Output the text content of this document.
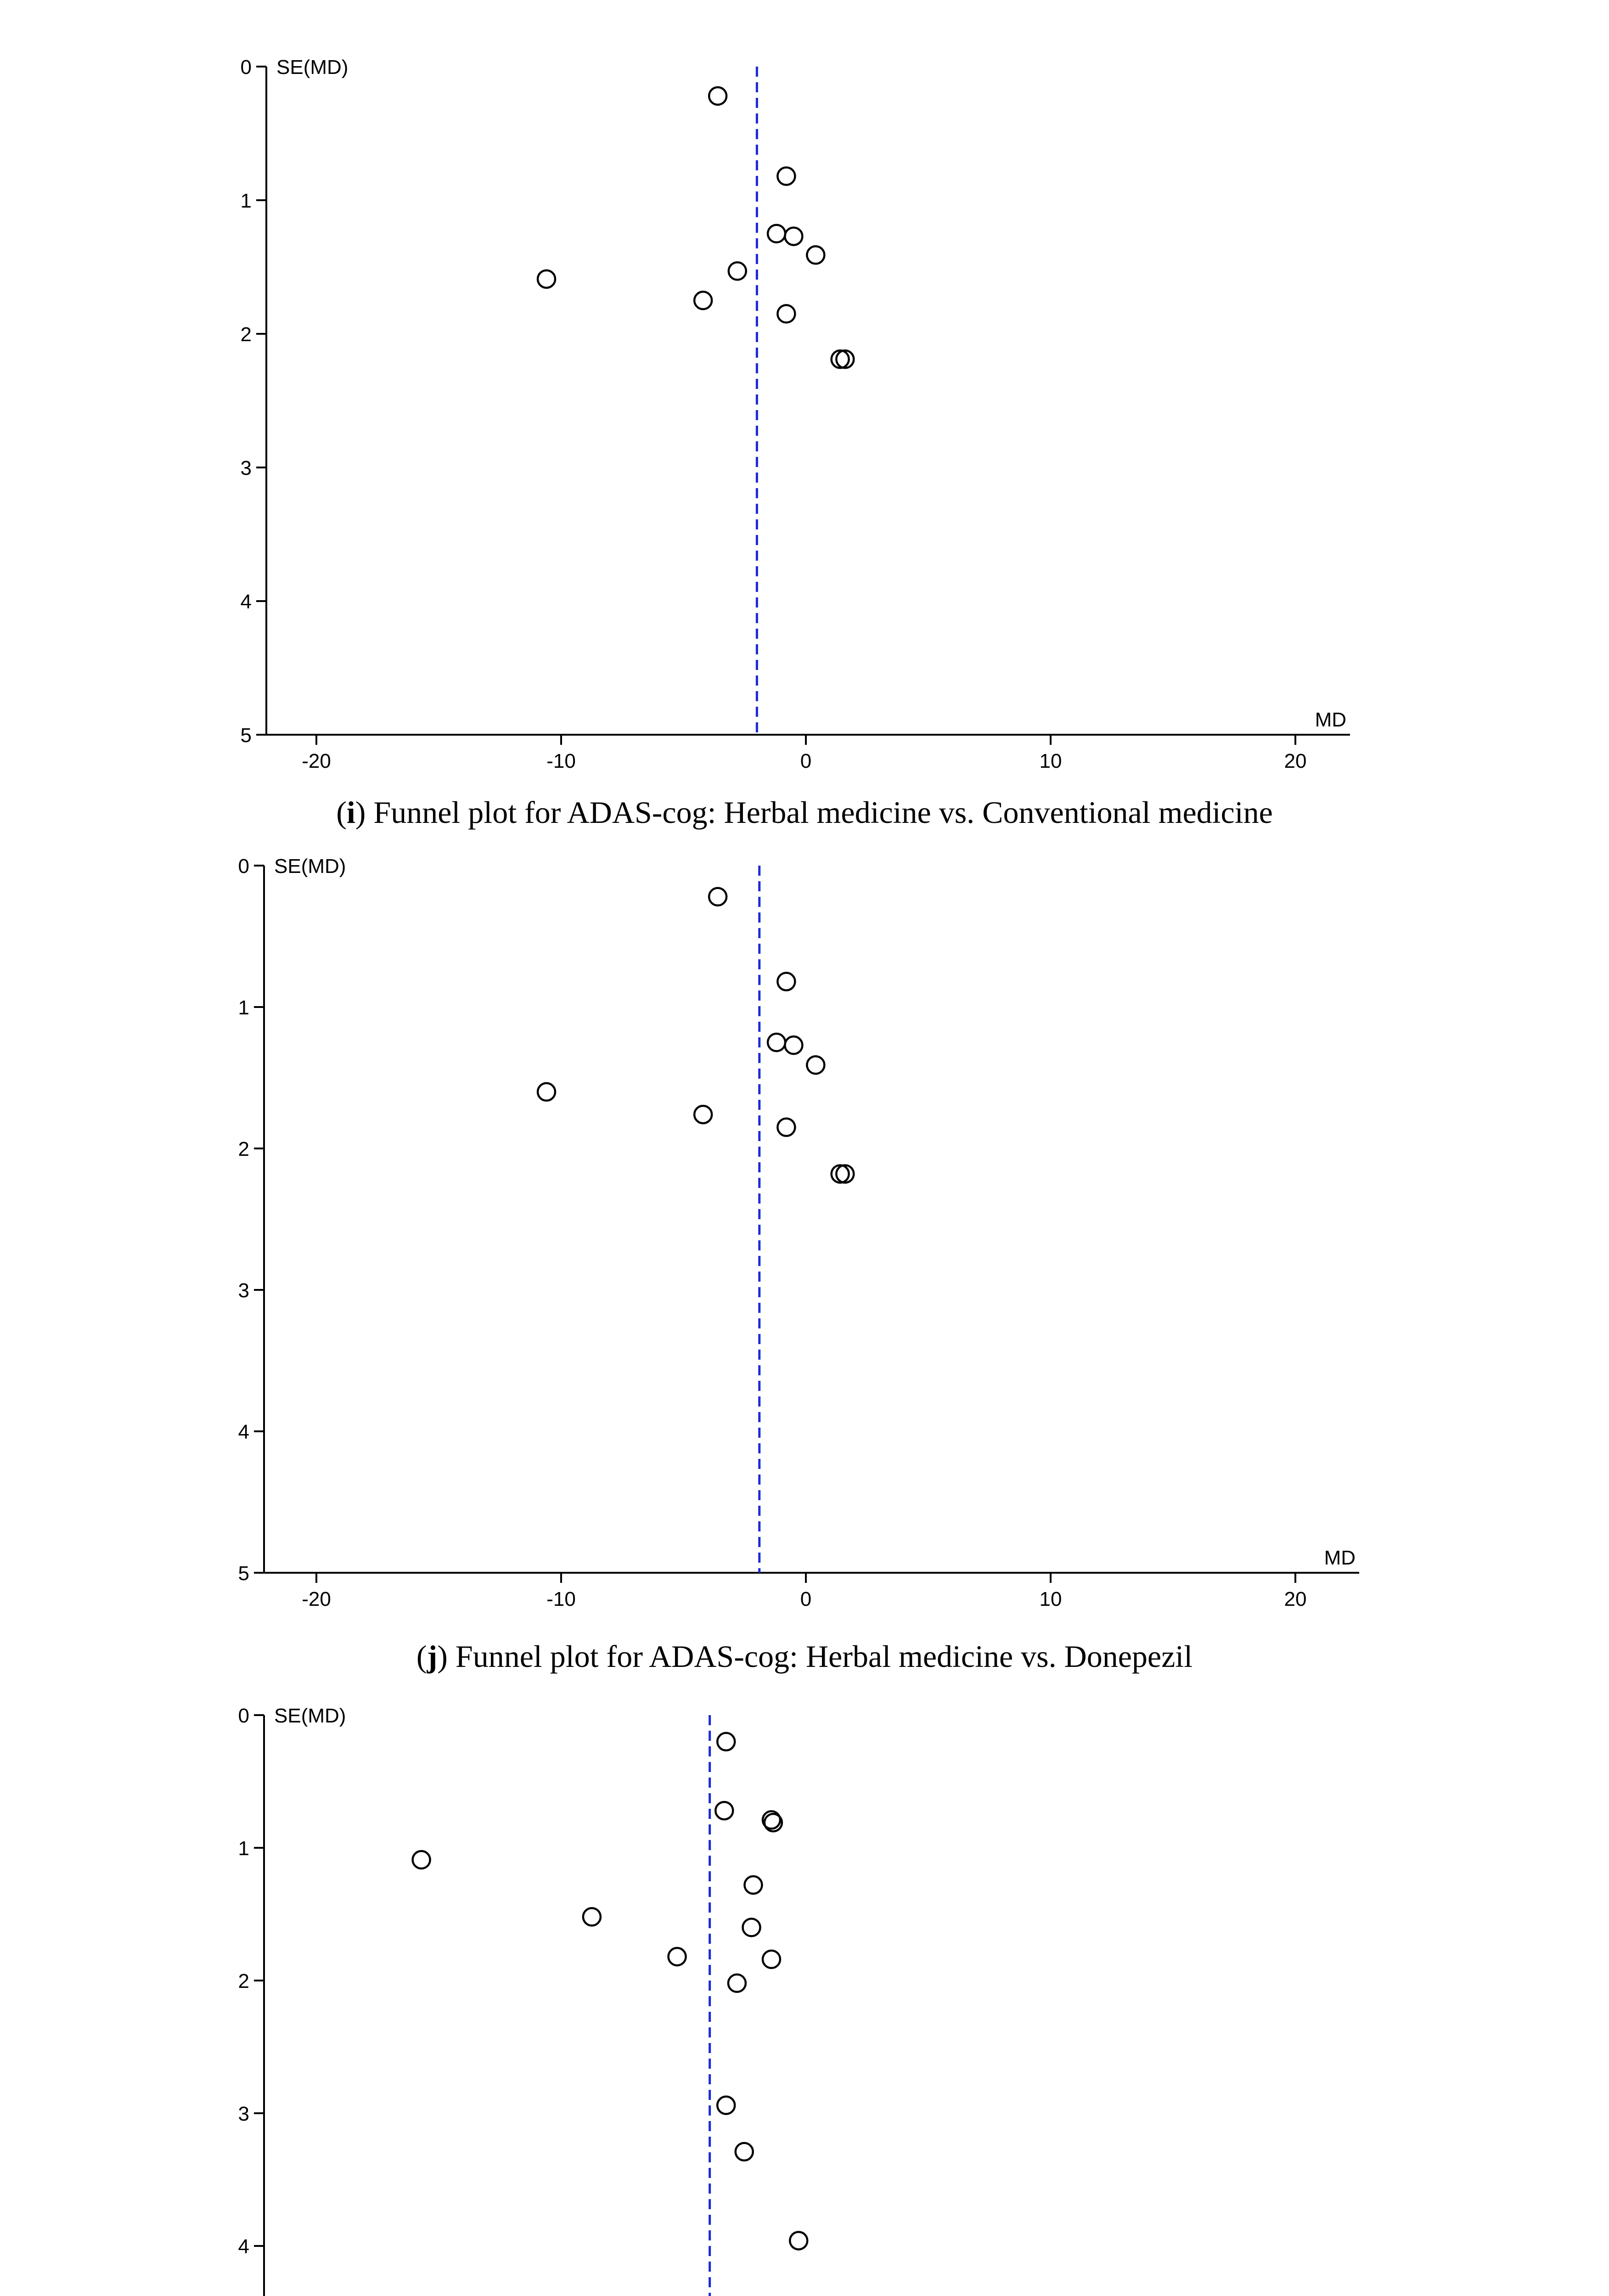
0
1
2
3
4
5
-20	-10	0	10	20
SE(MD)
MD
(i) Funnel plot for ADAS-cog: Herbal medicine vs. Conventional medicine
0
1
2
3
4
5
-20	-10	0	10	20
SE(MD)
MD
(j) Funnel plot for ADAS-cog: Herbal medicine vs. Donepezil
0
1
2
3
4
SE(MD)
